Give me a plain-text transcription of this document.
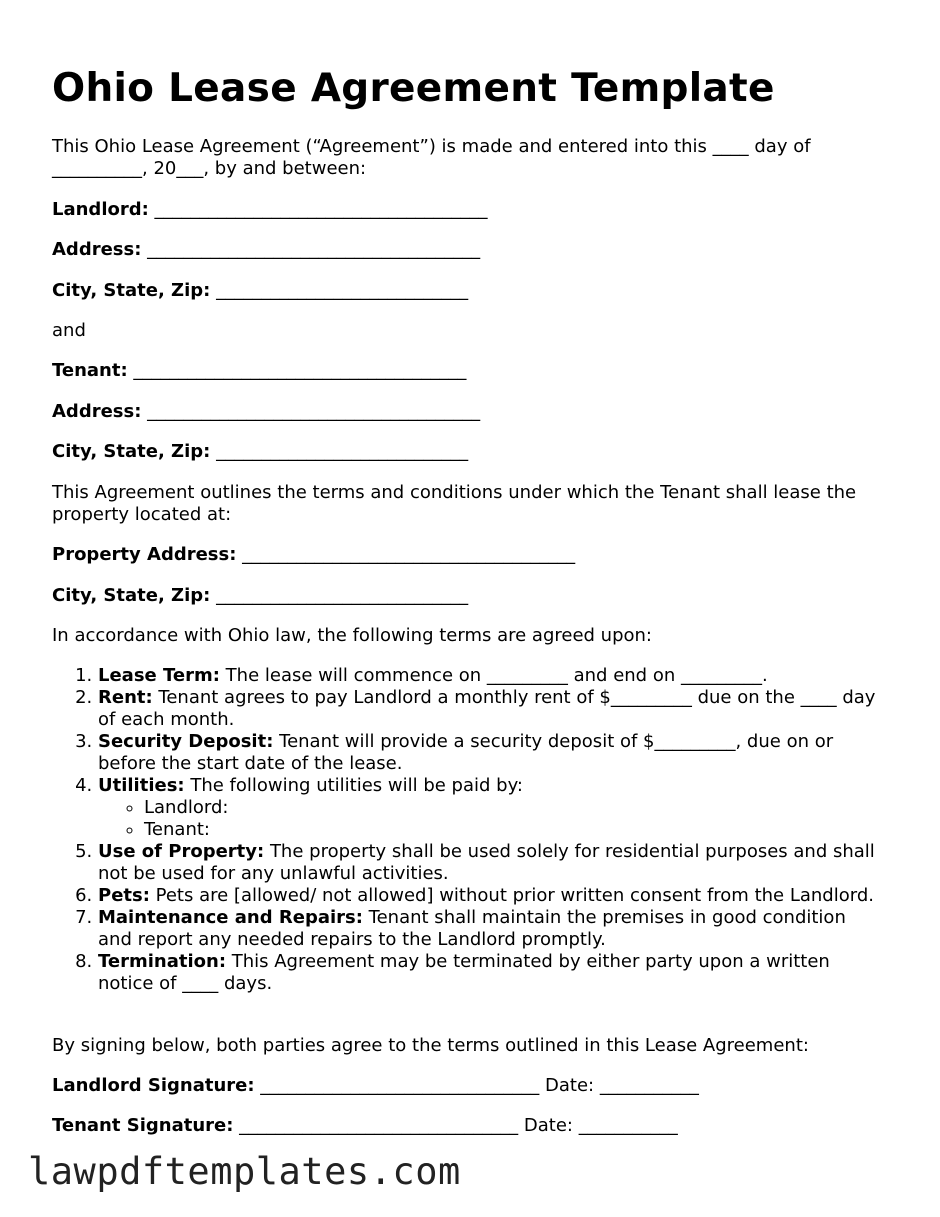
Ohio Lease Agreement Template
This Ohio Lease Agreement (“Agreement”) is made and entered into this ____ day of __________, 20___, by and between:
Landlord: _____________________________________
Address: _____________________________________
City, State, Zip: ____________________________
and
Tenant: _____________________________________
Address: _____________________________________
City, State, Zip: ____________________________
This Agreement outlines the terms and conditions under which the Tenant shall lease the property located at:
Property Address: _____________________________________
City, State, Zip: ____________________________
In accordance with Ohio law, the following terms are agreed upon:
1. Lease Term: The lease will commence on _________ and end on _________.
2. Rent: Tenant agrees to pay Landlord a monthly rent of $_________ due on the ____ day of each month.
3. Security Deposit: Tenant will provide a security deposit of $_________, due on or before the start date of the lease.
4. Utilities: The following utilities will be paid by:
◦ Landlord:
◦ Tenant:
5. Use of Property: The property shall be used solely for residential purposes and shall not be used for any unlawful activities.
6. Pets: Pets are [allowed/ not allowed] without prior written consent from the Landlord.
7. Maintenance and Repairs: Tenant shall maintain the premises in good condition and report any needed repairs to the Landlord promptly.
8. Termination: This Agreement may be terminated by either party upon a written notice of ____ days.
By signing below, both parties agree to the terms outlined in this Lease Agreement:
Landlord Signature: _______________________________ Date: ___________
Tenant Signature: _______________________________ Date: ___________
lawpdftemplates.com
